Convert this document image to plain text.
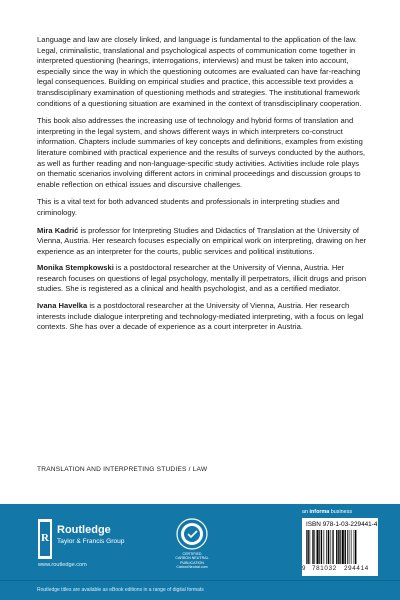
Language and law are closely linked, and language is fundamental to the application of the law. Legal, criminalistic, translational and psychological aspects of communication come together in interpreted questioning (hearings, interrogations, interviews) and must be taken into account, especially since the way in which the questioning outcomes are evaluated can have far-reaching legal consequences. Building on empirical studies and practice, this accessible text provides a transdisciplinary examination of questioning methods and strategies. The institutional framework conditions of a questioning situation are examined in the context of transdisciplinary cooperation.

This book also addresses the increasing use of technology and hybrid forms of translation and interpreting in the legal system, and shows different ways in which interpreters co-construct information. Chapters include summaries of key concepts and definitions, examples from existing literature combined with practical experience and the results of surveys conducted by the authors, as well as further reading and non-language-specific study activities. Activities include role plays on thematic scenarios involving different actors in criminal proceedings and discussion groups to enable reflection on ethical issues and discursive challenges.

This is a vital text for both advanced students and professionals in interpreting studies and criminology.

Mira Kadrić is professor for Interpreting Studies and Didactics of Translation at the University of Vienna, Austria. Her research focuses especially on empirical work on interpreting, drawing on her experience as an interpreter for the courts, public services and political institutions.

Monika Stempkowski is a postdoctoral researcher at the University of Vienna, Austria. Her research focuses on questions of legal psychology, mentally ill perpetrators, illicit drugs and prison studies. She is registered as a clinical and health psychologist, and as a certified mediator.

Ivana Havelka is a postdoctoral researcher at the University of Vienna, Austria. Her research interests include dialogue interpreting and technology-mediated interpreting, with a focus on legal contexts. She has over a decade of experience as a court interpreter in Austria.

TRANSLATION AND INTERPRETING STUDIES / LAW
R
Routledge
Taylor & Francis Group
www.routledge.com
CERTIFIED
CARBON NEUTRAL
PUBLICATION
CarbonNeutral.com
an informa business
ISBN 978-1-03-229441-4
9 781032 294414
Routledge titles are available as eBook editions in a range of digital formats
